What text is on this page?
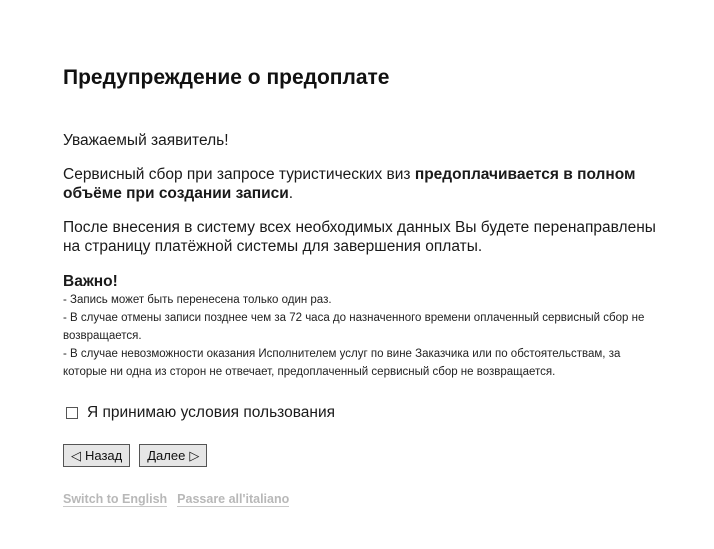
Предупреждение о предоплате

Уважаемый заявитель!

Сервисный сбор при запросе туристических виз предоплачивается в полном объёме при создании записи.

После внесения в систему всех необходимых данных Вы будете перенаправлены на страницу платёжной системы для завершения оплаты.

Важно!
- Запись может быть перенесена только один раз.
- В случае отмены записи позднее чем за 72 часа до назначенного времени оплаченный сервисный сбор не возвращается.
- В случае невозможности оказания Исполнителем услуг по вине Заказчика или по обстоятельствам, за которые ни одна из сторон не отвечает, предоплаченный сервисный сбор не возвращается.
Я принимаю условия пользования
◁ Назад Далее ▷
Switch to English Passare all'italiano
